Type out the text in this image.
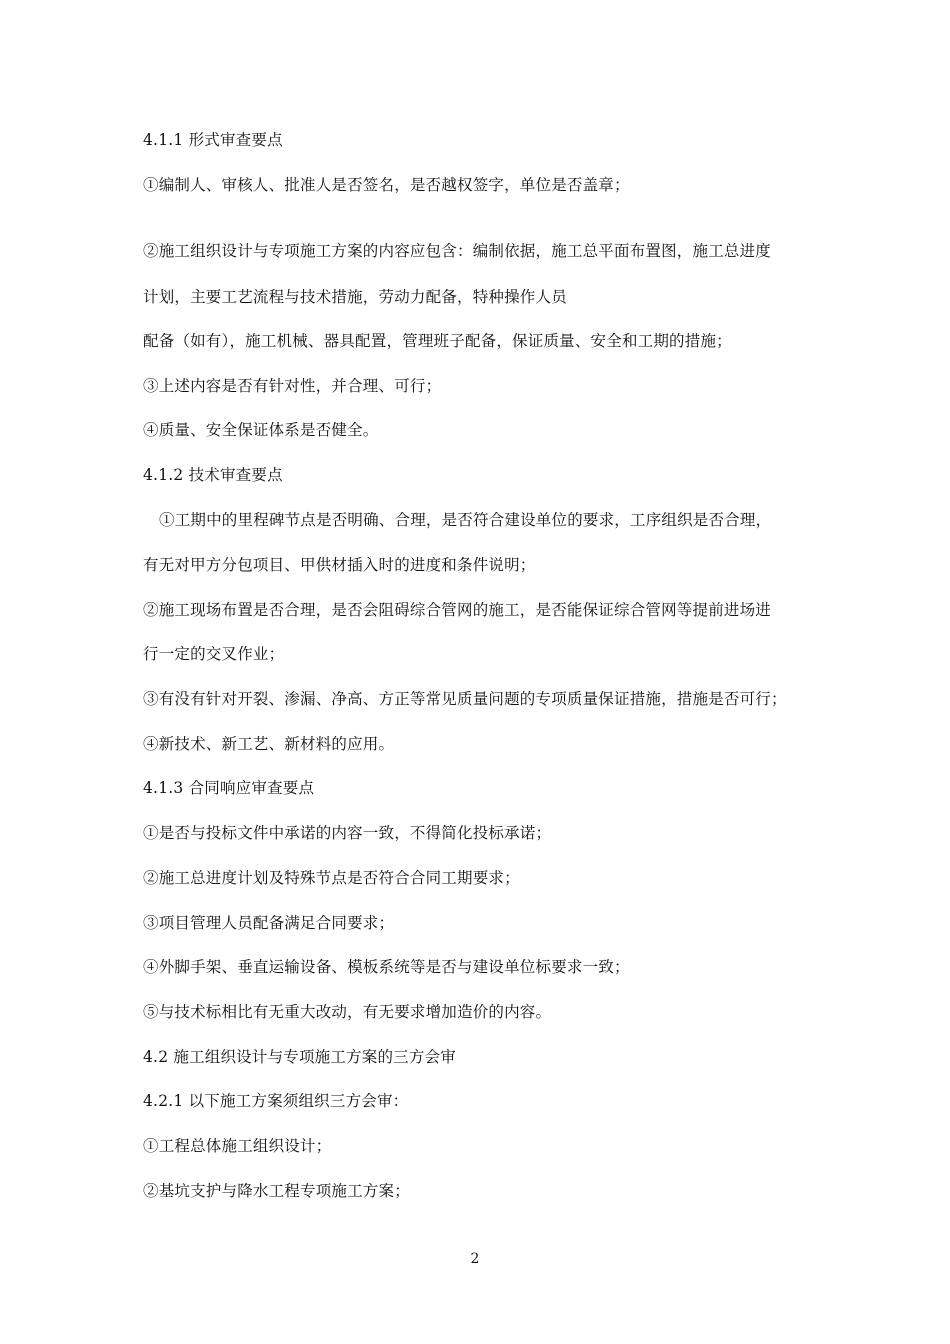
4.1.1 形式审查要点
①编制人、审核人、批准人是否签名，是否越权签字，单位是否盖章；
②施工组织设计与专项施工方案的内容应包含：编制依据，施工总平面布置图，施工总进度
计划，主要工艺流程与技术措施，劳动力配备，特种操作人员
配备（如有），施工机械、器具配置，管理班子配备，保证质量、安全和工期的措施；
③上述内容是否有针对性，并合理、可行；
④质量、安全保证体系是否健全。
4.1.2 技术审查要点
①工期中的里程碑节点是否明确、合理，是否符合建设单位的要求，工序组织是否合理，
有无对甲方分包项目、甲供材插入时的进度和条件说明；
②施工现场布置是否合理，是否会阻碍综合管网的施工，是否能保证综合管网等提前进场进
行一定的交叉作业；
③有没有针对开裂、渗漏、净高、方正等常见质量问题的专项质量保证措施，措施是否可行；
④新技术、新工艺、新材料的应用。
4.1.3 合同响应审查要点
①是否与投标文件中承诺的内容一致，不得简化投标承诺；
②施工总进度计划及特殊节点是否符合合同工期要求；
③项目管理人员配备满足合同要求；
④外脚手架、垂直运输设备、模板系统等是否与建设单位标要求一致；
⑤与技术标相比有无重大改动，有无要求增加造价的内容。
4.2 施工组织设计与专项施工方案的三方会审
4.2.1 以下施工方案须组织三方会审：
①工程总体施工组织设计；
②基坑支护与降水工程专项施工方案；
2
